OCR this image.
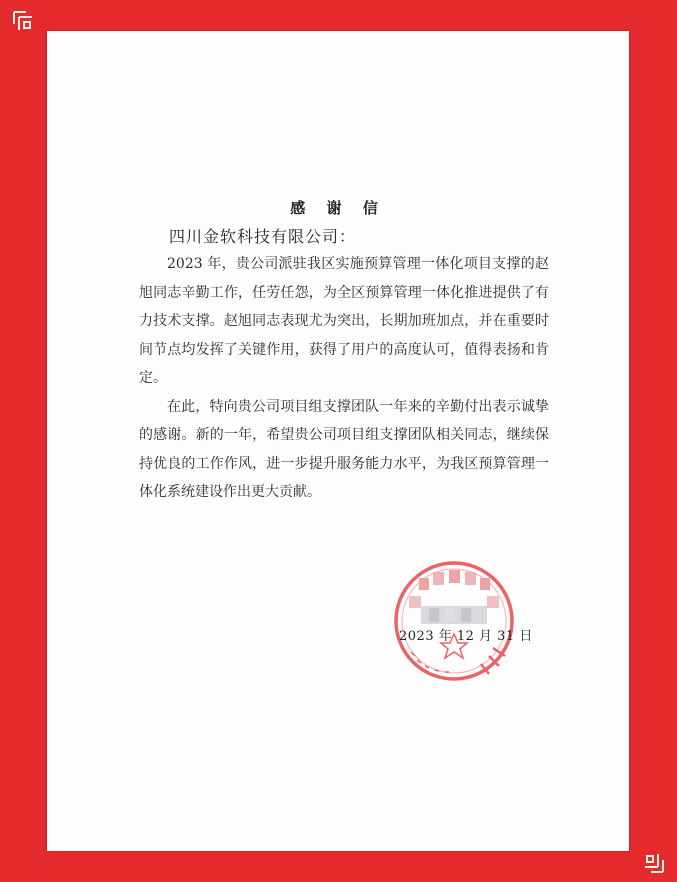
感 谢 信
四川金软科技有限公司：

2023 年，贵公司派驻我区实施预算管理一体化项目支撑的赵旭同志辛勤工作，任劳任怨，为全区预算管理一体化推进提供了有力技术支撑。赵旭同志表现尤为突出，长期加班加点，并在重要时间节点均发挥了关键作用，获得了用户的高度认可，值得表扬和肯定。

在此，特向贵公司项目组支撑团队一年来的辛勤付出表示诚挚的感谢。新的一年，希望贵公司项目组支撑团队相关同志，继续保持优良的工作作风，进一步提升服务能力水平，为我区预算管理一体化系统建设作出更大贡献。

2023 年 12 月 31 日
